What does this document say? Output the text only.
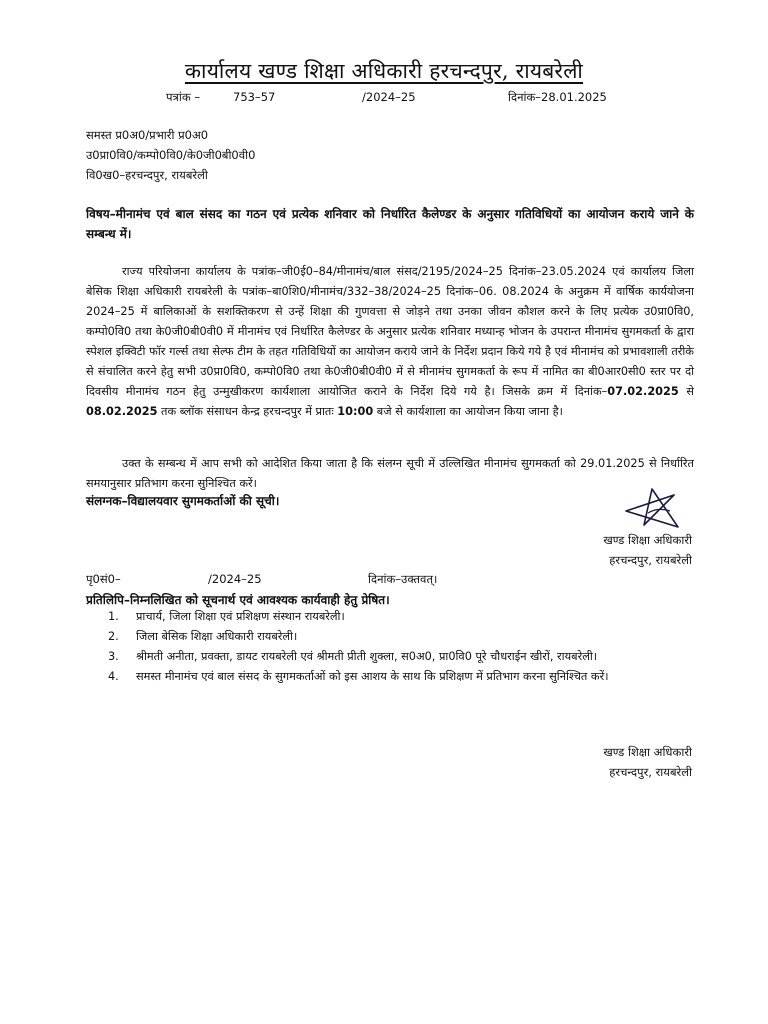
कार्यालय खण्ड शिक्षा अधिकारी हरचन्दपुर, रायबरेली
पत्रांक –	753–57	/2024–25	दिनांक–28.01.2025
समस्त प्र0अ0/प्रभारी प्र0अ0
उ0प्रा0वि0/कम्पो0वि0/के0जी0बी0वी0
वि0ख0–हरचन्दपुर, रायबरेली
विषय–मीनामंच एवं बाल संसद का गठन एवं प्रत्येक शनिवार को निर्धारित कैलेण्डर के अनुसार गतिविधियों का आयोजन कराये जाने के सम्बन्ध में।
राज्य परियोजना कार्यालय के पत्रांक–जी0ई0–84/मीनामंच/बाल संसद/2195/2024–25 दिनांक–23.05.2024 एवं कार्यालय जिला बेसिक शिक्षा अधिकारी रायबरेली के पत्रांक–बा0शि0/मीनामंच/332–38/2024–25 दिनांक–06. 08.2024 के अनुक्रम में वार्षिक कार्ययोजना 2024–25 में बालिकाओं के सशक्तिकरण से उन्हें शिक्षा की गुणवत्ता से जोड़ने तथा उनका जीवन कौशल करने के लिए प्रत्येक उ0प्रा0वि0, कम्पो0वि0 तथा के0जी0बी0वी0 में मीनामंच एवं निर्धारित कैलेण्डर के अनुसार प्रत्येक शनिवार मध्यान्ह भोजन के उपरान्त मीनामंच सुगमकर्ता के द्वारा स्पेशल इक्विटी फॉर गर्ल्स तथा सेल्फ टीम के तहत गतिविधियों का आयोजन कराये जाने के निर्देश प्रदान किये गये है एवं मीनामंच को प्रभावशाली तरीके से संचालित करने हेतु सभी उ0प्रा0वि0, कम्पो0वि0 तथा के0जी0बी0वी0 में से मीनामंच सुगमकर्ता के रूप में नामित का बी0आर0सी0 स्तर पर दो दिवसीय मीनामंच गठन हेतु उन्मुखीकरण कार्यशाला आयोजित कराने के निर्देश दिये गये है। जिसके क्रम में दिनांक–07.02.2025 से 08.02.2025 तक ब्लॉक संसाधन केन्द्र हरचन्दपुर में प्रातः 10:00 बजे से कार्यशाला का आयोजन किया जाना है।
उक्त के सम्बन्ध में आप सभी को आदेशित किया जाता है कि संलग्न सूची में उल्लिखित मीनामंच सुगमकर्ता को 29.01.2025 से निर्धारित समयानुसार प्रतिभाग करना सुनिश्चित करें।
संलग्नक–विद्यालयवार सुगमकर्ताओं की सूची।
खण्ड शिक्षा अधिकारी
हरचन्दपुर, रायबरेली
पृ0सं0–	/2024–25	दिनांक–उक्तवत्।
प्रतिलिपि–निम्नलिखित को सूचनार्थ एवं आवश्यक कार्यवाही हेतु प्रेषित।
1.	प्राचार्य, जिला शिक्षा एवं प्रशिक्षण संस्थान रायबरेली।
2.	जिला बेसिक शिक्षा अधिकारी रायबरेली।
3.	श्रीमती अनीता, प्रवक्ता, डायट रायबरेली एवं श्रीमती प्रीती शुक्ला, स0अ0, प्रा0वि0 पूरे चौधराईन खीरों, रायबरेली।
4.	समस्त मीनामंच एवं बाल संसद के सुगमकर्ताओं को इस आशय के साथ कि प्रशिक्षण में प्रतिभाग करना सुनिश्चित करें।
खण्ड शिक्षा अधिकारी
हरचन्दपुर, रायबरेली
